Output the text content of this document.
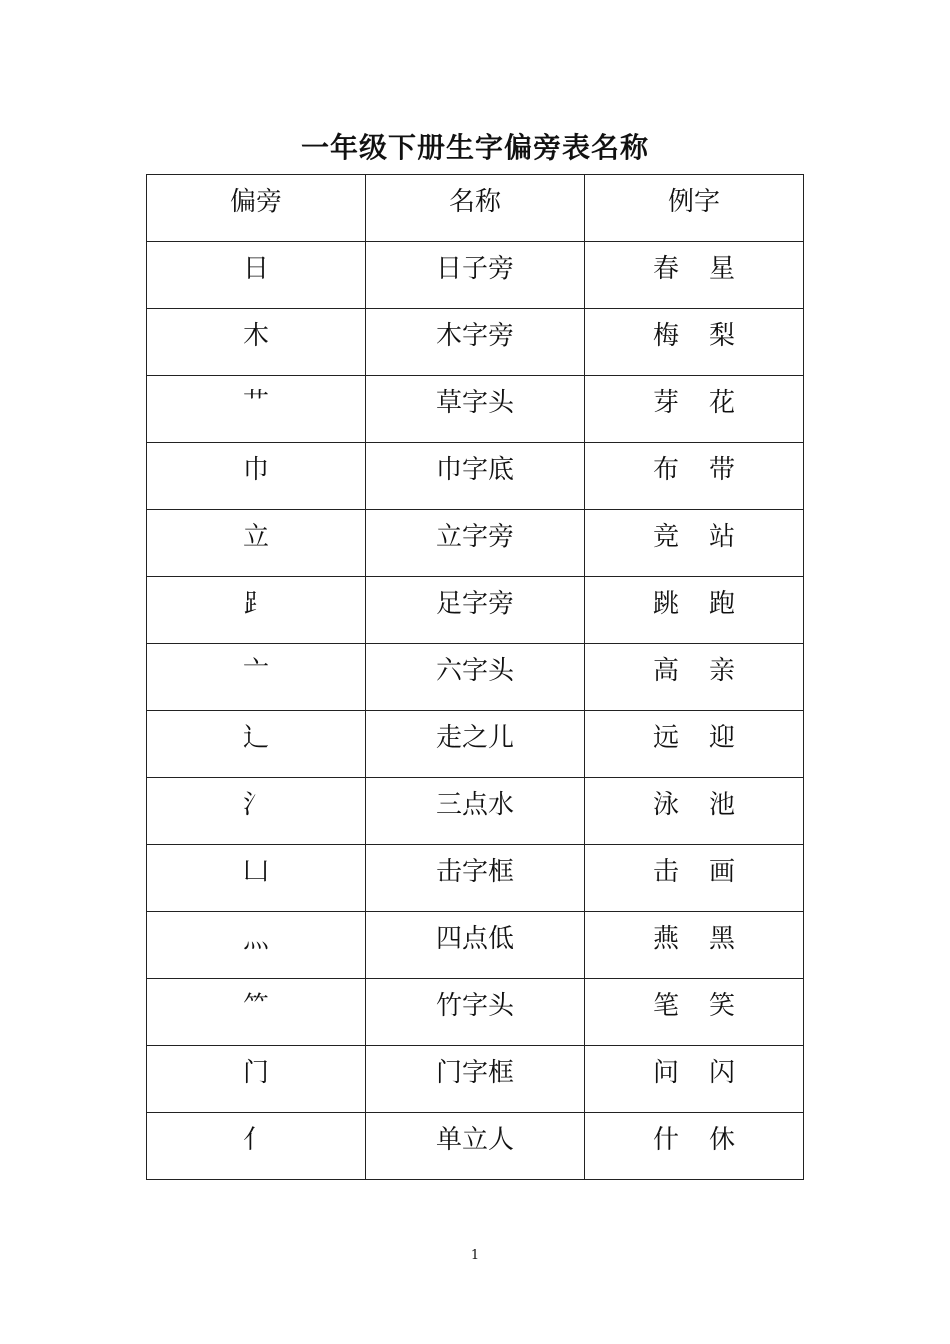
一年级下册生字偏旁表名称
偏旁	名称	例字
日	日子旁	春 星
木	木字旁	梅 梨
艹	草字头	芽 花
巾	巾字底	布 带
立	立字旁	竞 站
⻊	足字旁	跳 跑
亠	六字头	高 亲
辶	走之儿	远 迎
氵	三点水	泳 池
凵	击字框	击 画
灬	四点低	燕 黑
⺮	竹字头	笔 笑
门	门字框	问 闪
亻	单立人	什 休
1
